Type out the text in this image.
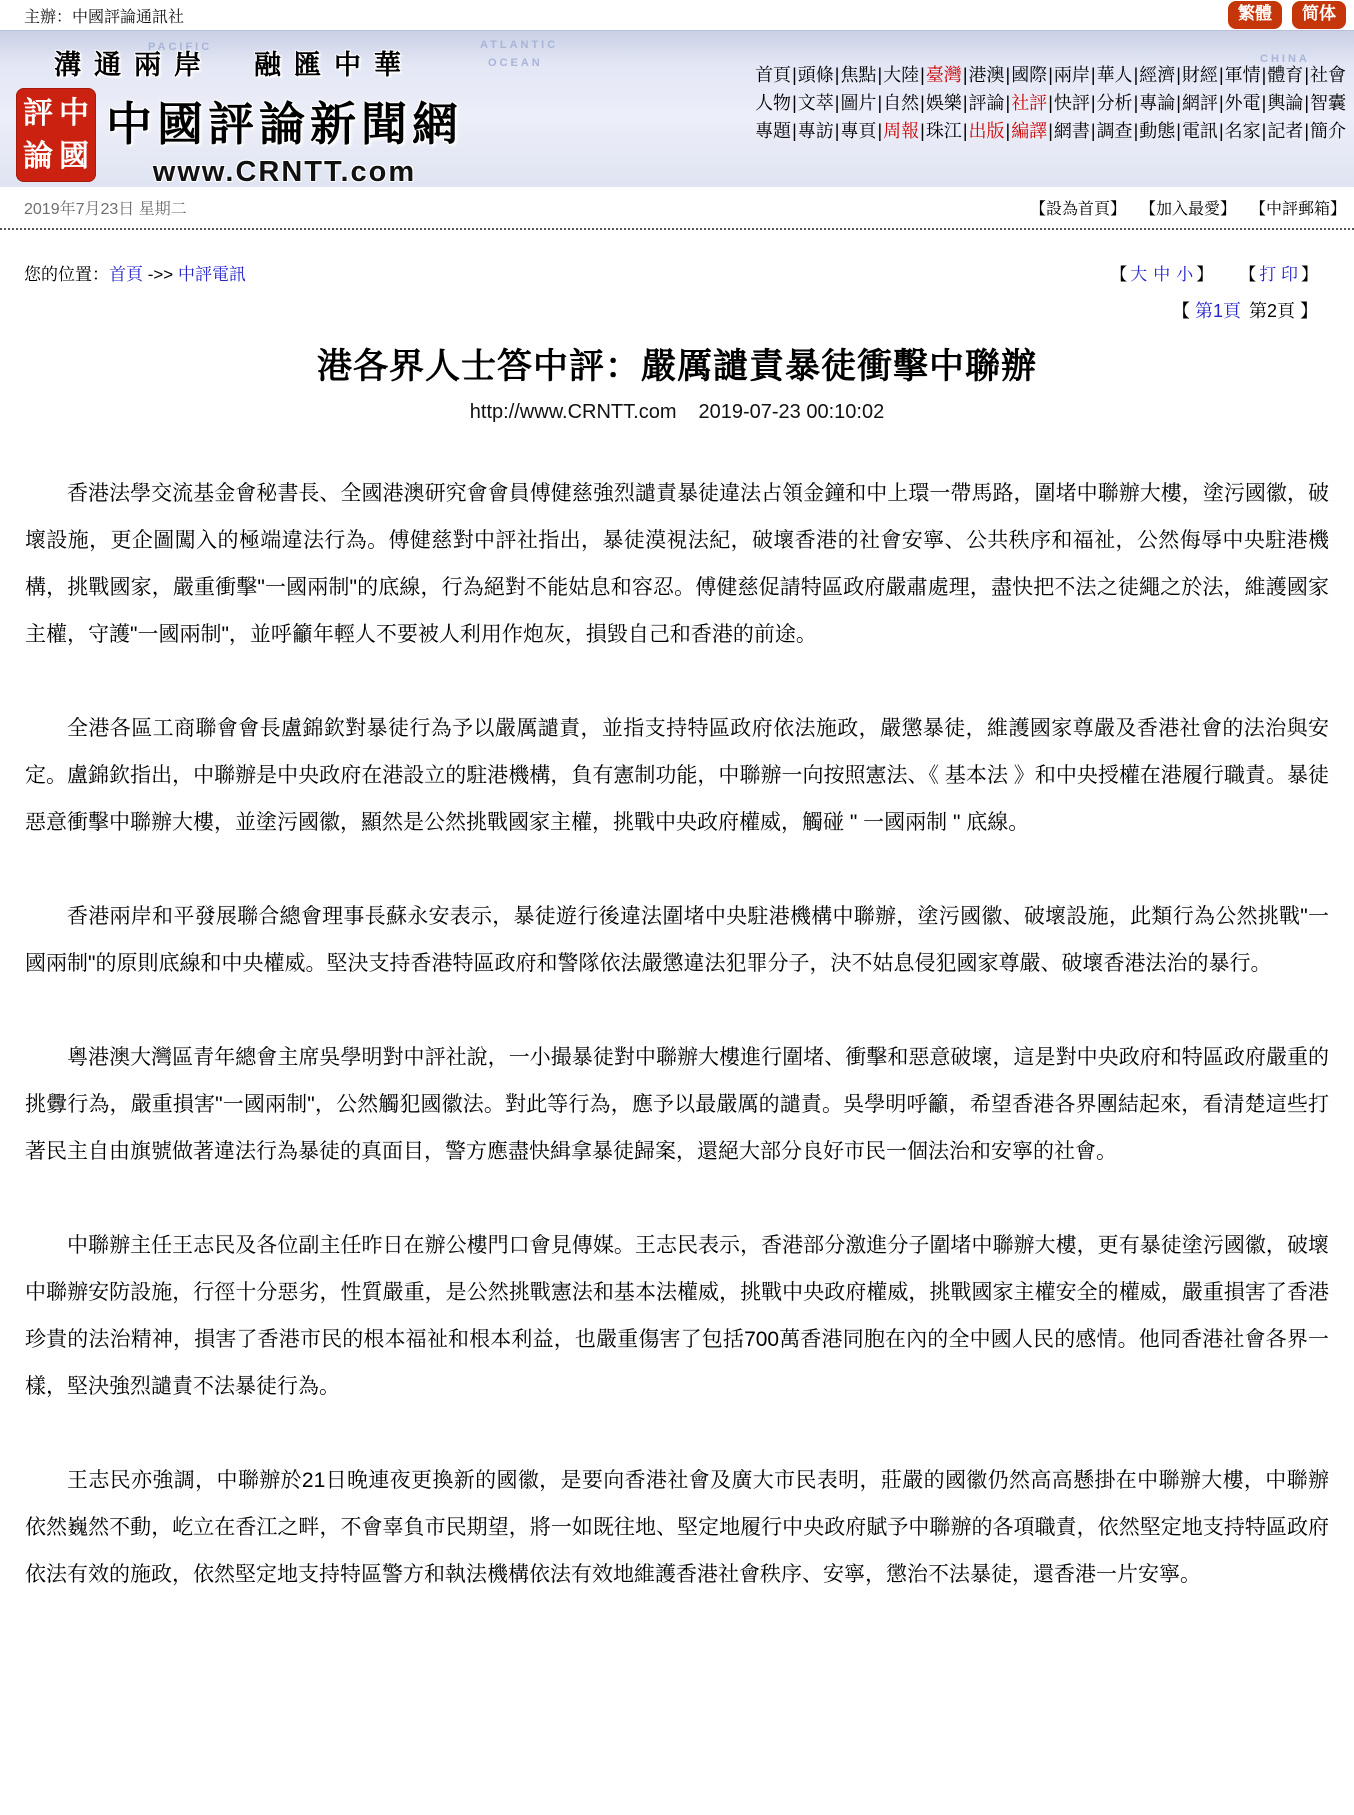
主辦：中國評論通訊社	繁體	简体
PACIFIC	ATLANTIC
OCEAN	CHINA
溝通兩岸　融匯中華
評 中
論 國
中國評論新聞網
www.CRNTT.com
首頁|頭條|焦點|大陸|臺灣|港澳|國際|兩岸|華人|經濟|財經|軍情|體育|社會
人物|文萃|圖片|自然|娛樂|評論|社評|快評|分析|專論|網評|外電|輿論|智囊
專題|專訪|專頁|周報|珠江|出版|編譯|網書|調查|動態|電訊|名家|記者|簡介
2019年7月23日 星期二	【設為首頁】 【加入最愛】 【中評郵箱】
您的位置：首頁 ->> 中評電訊	【 大 中 小 】 【 打 印 】
【 第1頁 第2頁 】
港各界人士答中評：嚴厲譴責暴徒衝擊中聯辦
http://www.CRNTT.com 2019-07-23 00:10:02

香港法學交流基金會秘書長、全國港澳研究會會員傅健慈強烈譴責暴徒違法占領金鐘和中上環一帶馬路，圍堵中聯辦大樓，塗污國徽，破壞設施，更企圖闖入的極端違法行為。傅健慈對中評社指出，暴徒漠視法紀，破壞香港的社會安寧、公共秩序和福祉，公然侮辱中央駐港機構，挑戰國家，嚴重衝擊"一國兩制"的底線，行為絕對不能姑息和容忍。傅健慈促請特區政府嚴肅處理，盡快把不法之徒繩之於法，維護國家主權，守護"一國兩制"，並呼籲年輕人不要被人利用作炮灰，損毀自己和香港的前途。

全港各區工商聯會會長盧錦欽對暴徒行為予以嚴厲譴責，並指支持特區政府依法施政，嚴懲暴徒，維護國家尊嚴及香港社會的法治與安定。盧錦欽指出，中聯辦是中央政府在港設立的駐港機構，負有憲制功能，中聯辦一向按照憲法、《 基本法 》和中央授權在港履行職責。暴徒惡意衝擊中聯辦大樓，並塗污國徽，顯然是公然挑戰國家主權，挑戰中央政府權威，觸碰 " 一國兩制 " 底線。

香港兩岸和平發展聯合總會理事長蘇永安表示，暴徒遊行後違法圍堵中央駐港機構中聯辦，塗污國徽、破壞設施，此類行為公然挑戰"一國兩制"的原則底線和中央權威。堅決支持香港特區政府和警隊依法嚴懲違法犯罪分子，決不姑息侵犯國家尊嚴、破壞香港法治的暴行。

粵港澳大灣區青年總會主席吳學明對中評社說，一小撮暴徒對中聯辦大樓進行圍堵、衝擊和惡意破壞，這是對中央政府和特區政府嚴重的挑釁行為，嚴重損害"一國兩制"，公然觸犯國徽法。對此等行為，應予以最嚴厲的譴責。吳學明呼籲，希望香港各界團結起來，看清楚這些打著民主自由旗號做著違法行為暴徒的真面目，警方應盡快緝拿暴徒歸案，還絕大部分良好市民一個法治和安寧的社會。

中聯辦主任王志民及各位副主任昨日在辦公樓門口會見傳媒。王志民表示，香港部分激進分子圍堵中聯辦大樓，更有暴徒塗污國徽，破壞中聯辦安防設施，行徑十分惡劣，性質嚴重，是公然挑戰憲法和基本法權威，挑戰中央政府權威，挑戰國家主權安全的權威，嚴重損害了香港珍貴的法治精神，損害了香港市民的根本福祉和根本利益，也嚴重傷害了包括700萬香港同胞在內的全中國人民的感情。他同香港社會各界一樣，堅決強烈譴責不法暴徒行為。

王志民亦強調，中聯辦於21日晚連夜更換新的國徽，是要向香港社會及廣大市民表明，莊嚴的國徽仍然高高懸掛在中聯辦大樓，中聯辦依然巍然不動，屹立在香江之畔，不會辜負市民期望，將一如既往地、堅定地履行中央政府賦予中聯辦的各項職責，依然堅定地支持特區政府依法有效的施政，依然堅定地支持特區警方和執法機構依法有效地維護香港社會秩序、安寧，懲治不法暴徒，還香港一片安寧。
